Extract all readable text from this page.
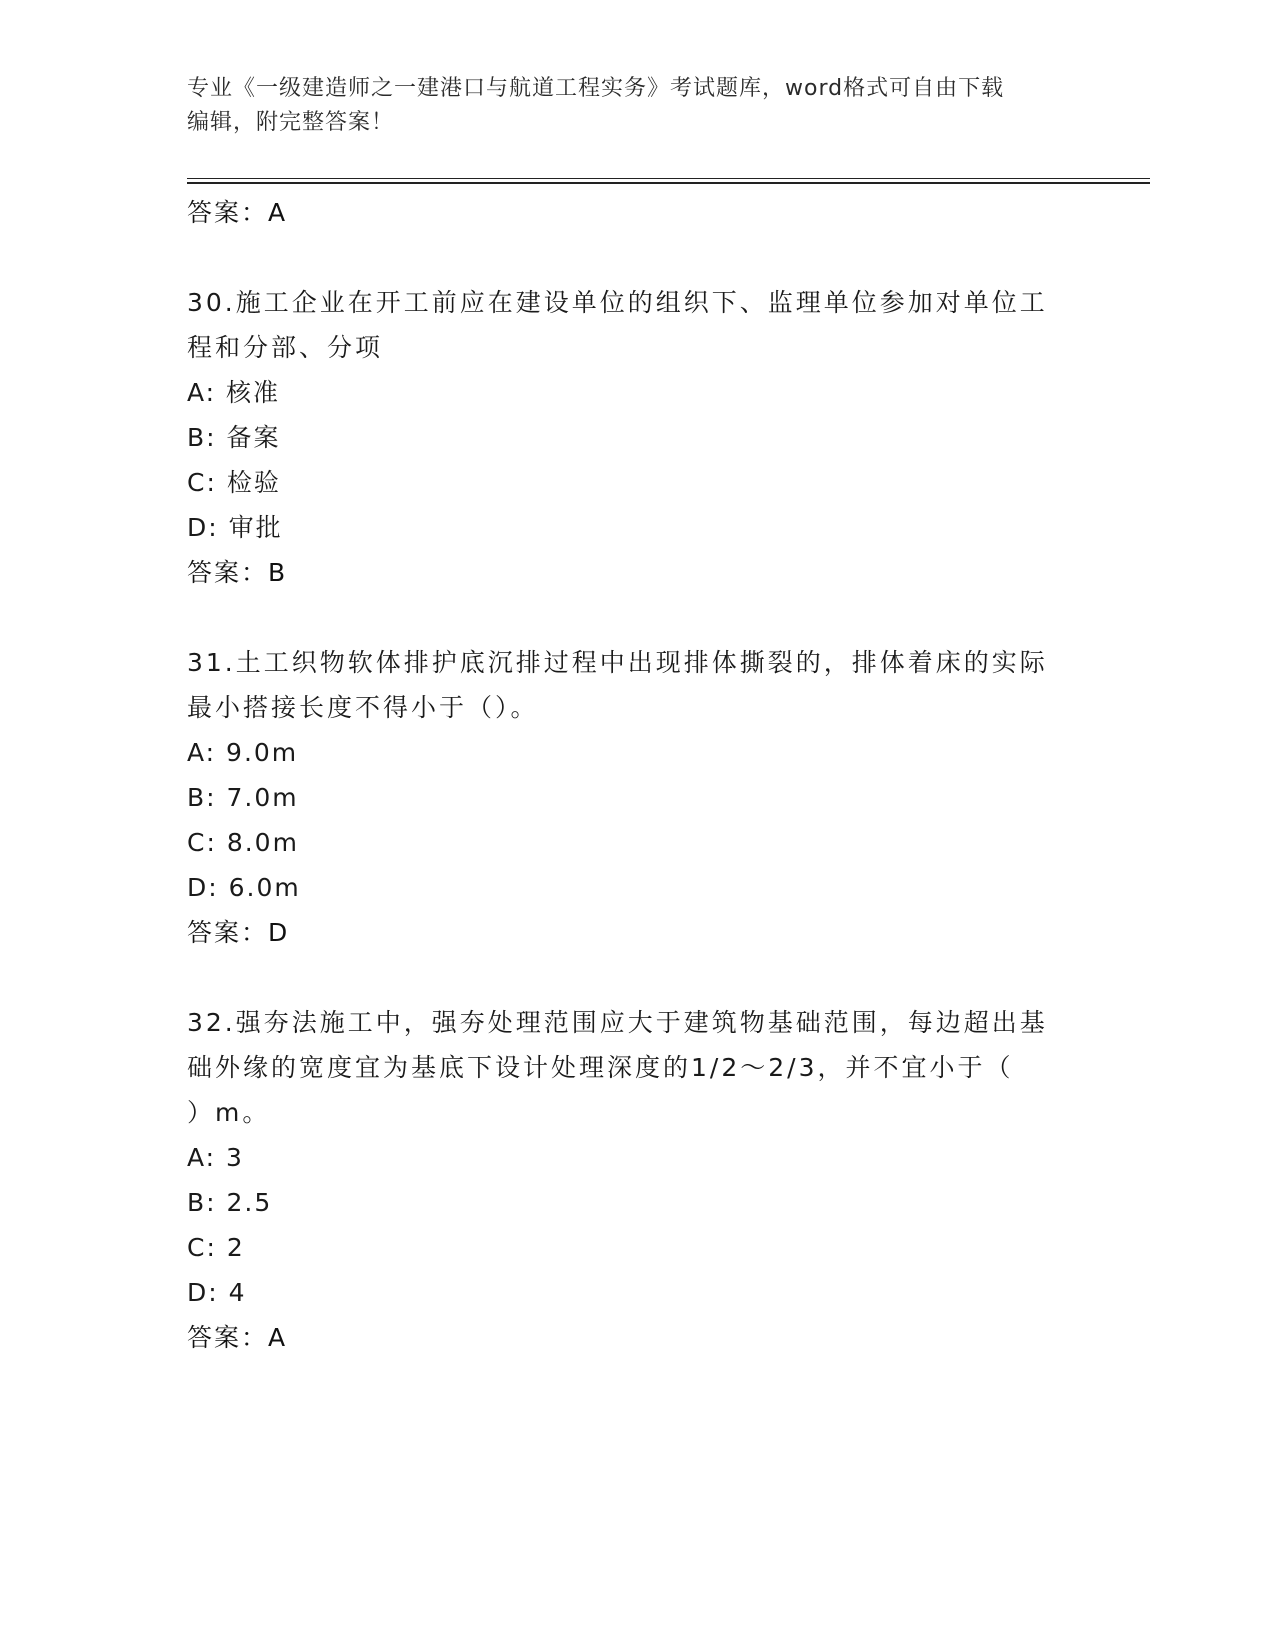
专业《一级建造师之一建港口与航道工程实务》考试题库，word格式可自由下载
编辑，附完整答案！
答案：A
30.施工企业在开工前应在建设单位的组织下、监理单位参加对单位工
程和分部、分项
A: 核准
B: 备案
C: 检验
D: 审批
答案：B
31.土工织物软体排护底沉排过程中出现排体撕裂的，排体着床的实际
最小搭接长度不得小于（）。
A: 9.0m
B: 7.0m
C: 8.0m
D: 6.0m
答案：D
32.强夯法施工中，强夯处理范围应大于建筑物基础范围，每边超出基
础外缘的宽度宜为基底下设计处理深度的1/2～2/3，并不宜小于（
）m。
A: 3
B: 2.5
C: 2
D: 4
答案：A
